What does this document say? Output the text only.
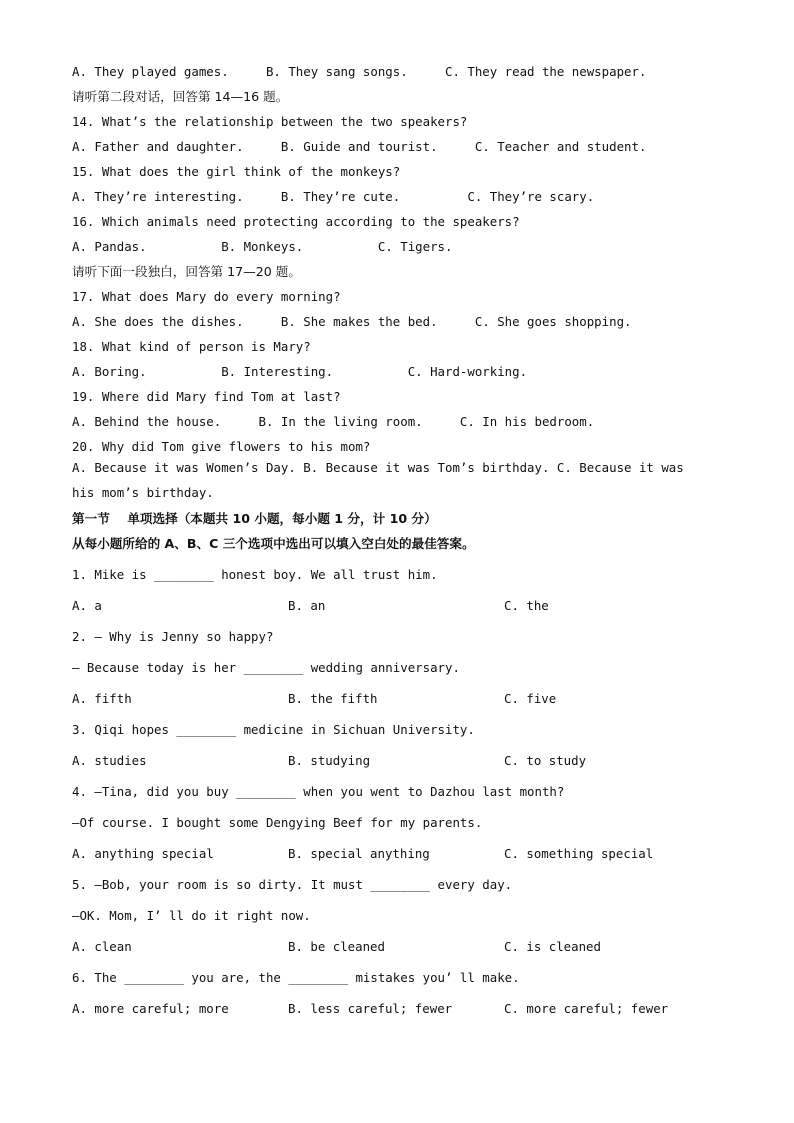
A. They played games.     B. They sang songs.     C. They read the newspaper.

请听第二段对话，回答第 14—16 题。

14. What’s the relationship between the two speakers?

A. Father and daughter.     B. Guide and tourist.     C. Teacher and student.

15. What does the girl think of the monkeys?

A. They’re interesting.     B. They’re cute.         C. They’re scary.

16. Which animals need protecting according to the speakers?

A. Pandas.          B. Monkeys.          C. Tigers.

请听下面一段独白，回答第 17—20 题。

17. What does Mary do every morning?

A. She does the dishes.     B. She makes the bed.     C. She goes shopping.

18. What kind of person is Mary?

A. Boring.          B. Interesting.          C. Hard-working.

19. Where did Mary find Tom at last?

A. Behind the house.     B. In the living room.     C. In his bedroom.

20. Why did Tom give flowers to his mom?

A. Because it was Women’s Day. B. Because it was Tom’s birthday. C. Because it was his mom’s birthday.

第一节    单项选择（本题共 10 小题，每小题 1 分，计 10 分）

从每小题所给的 A、B、C 三个选项中选出可以填入空白处的最佳答案。

1. Mike is ________ honest boy. We all trust him.

A. a	B. an	C. the

2. — Why is Jenny so happy?

— Because today is her ________ wedding anniversary.

A. fifth	B. the fifth	C. five

3. Qiqi hopes ________ medicine in Sichuan University.

A. studies	B. studying	C. to study

4. —Tina, did you buy ________ when you went to Dazhou last month?

—Of course. I bought some Dengying Beef for my parents.

A. anything special	B. special anything	C. something special

5. —Bob, your room is so dirty. It must ________ every day.

—OK. Mom, I’ ll do it right now.

A. clean	B. be cleaned	C. is cleaned

6. The ________ you are, the ________ mistakes you’ ll make.

A. more careful; more	B. less careful; fewer	C. more careful; fewer
